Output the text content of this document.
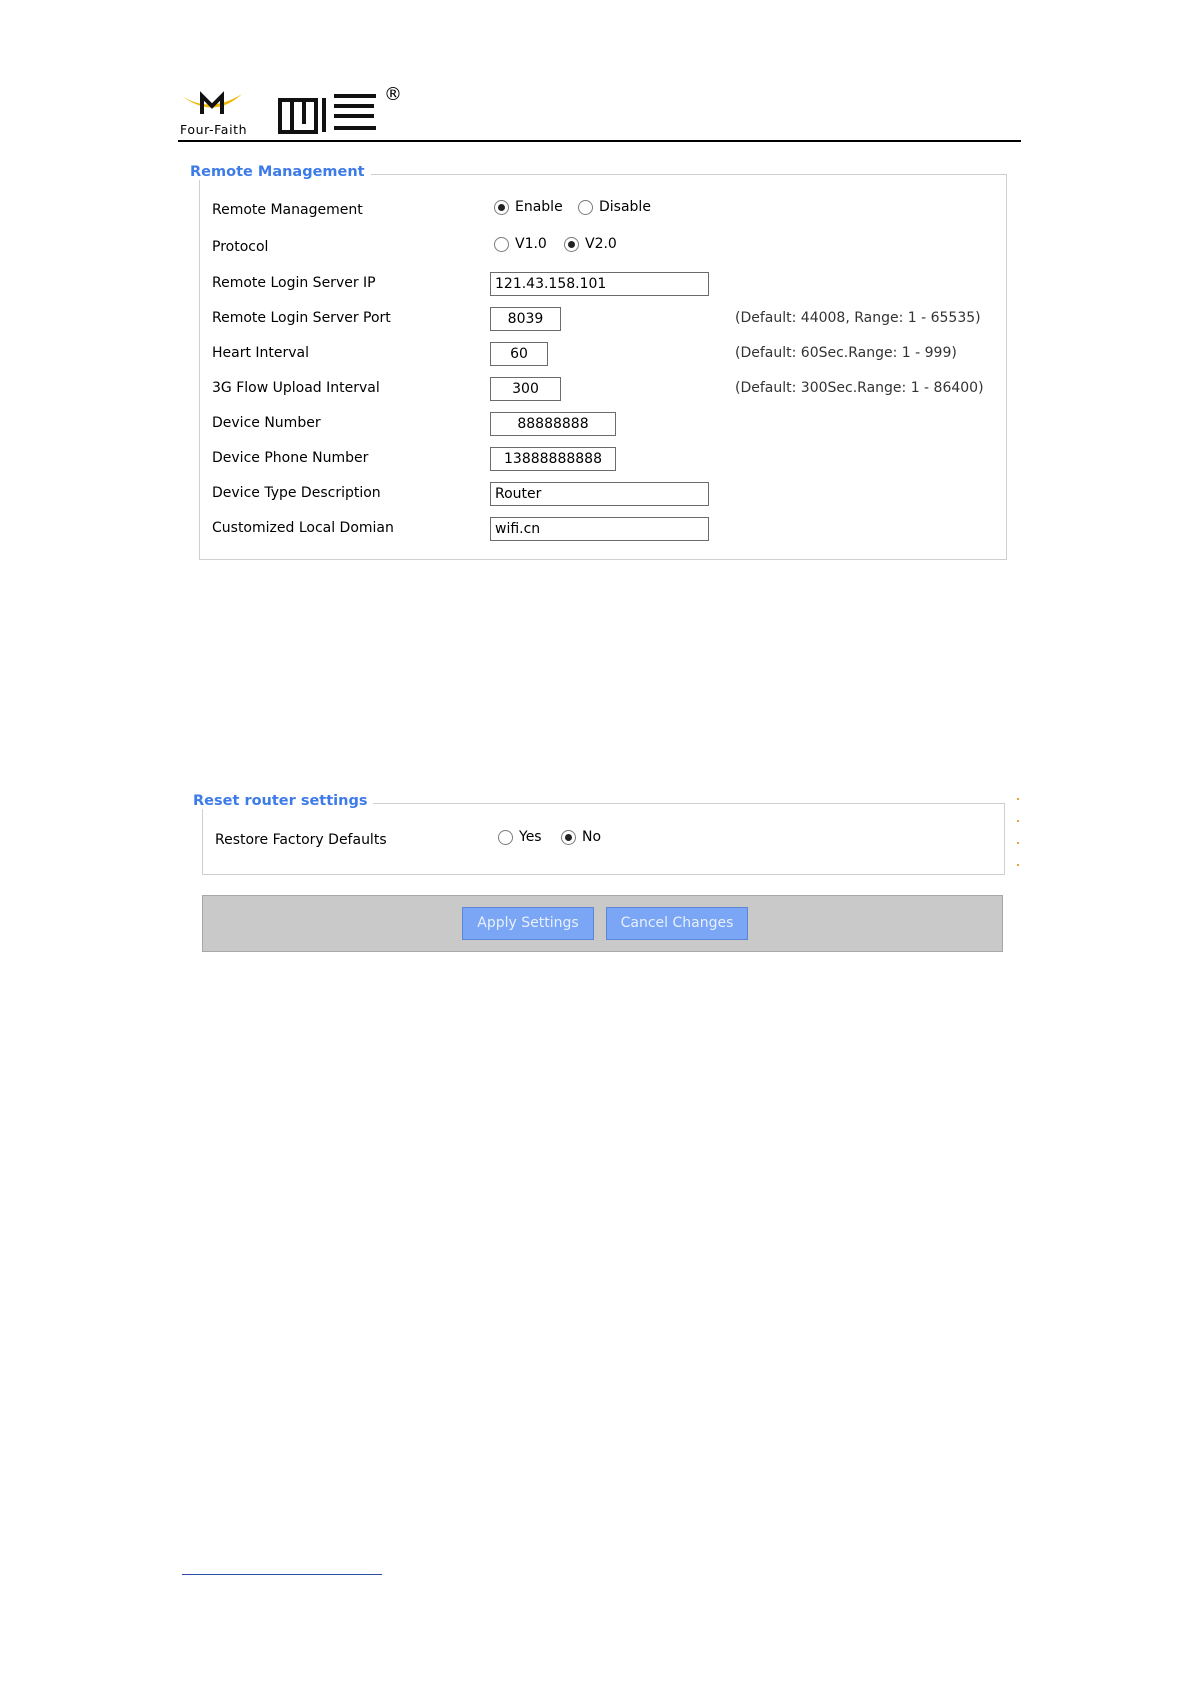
Four-Faith
®
Remote Management
Remote Management	Enable	Disable
Protocol	V1.0	V2.0
Remote Login Server IP	121.43.158.101
Remote Login Server Port	8039	(Default: 44008, Range: 1 - 65535)
Heart Interval	60	(Default: 60Sec.Range: 1 - 999)
3G Flow Upload Interval	300	(Default: 300Sec.Range: 1 - 86400)
Device Number	88888888
Device Phone Number	13888888888
Device Type Description	Router
Customized Local Domian	wifi.cn
Reset router settings
Restore Factory Defaults	Yes	No
Apply Settings	Cancel Changes
